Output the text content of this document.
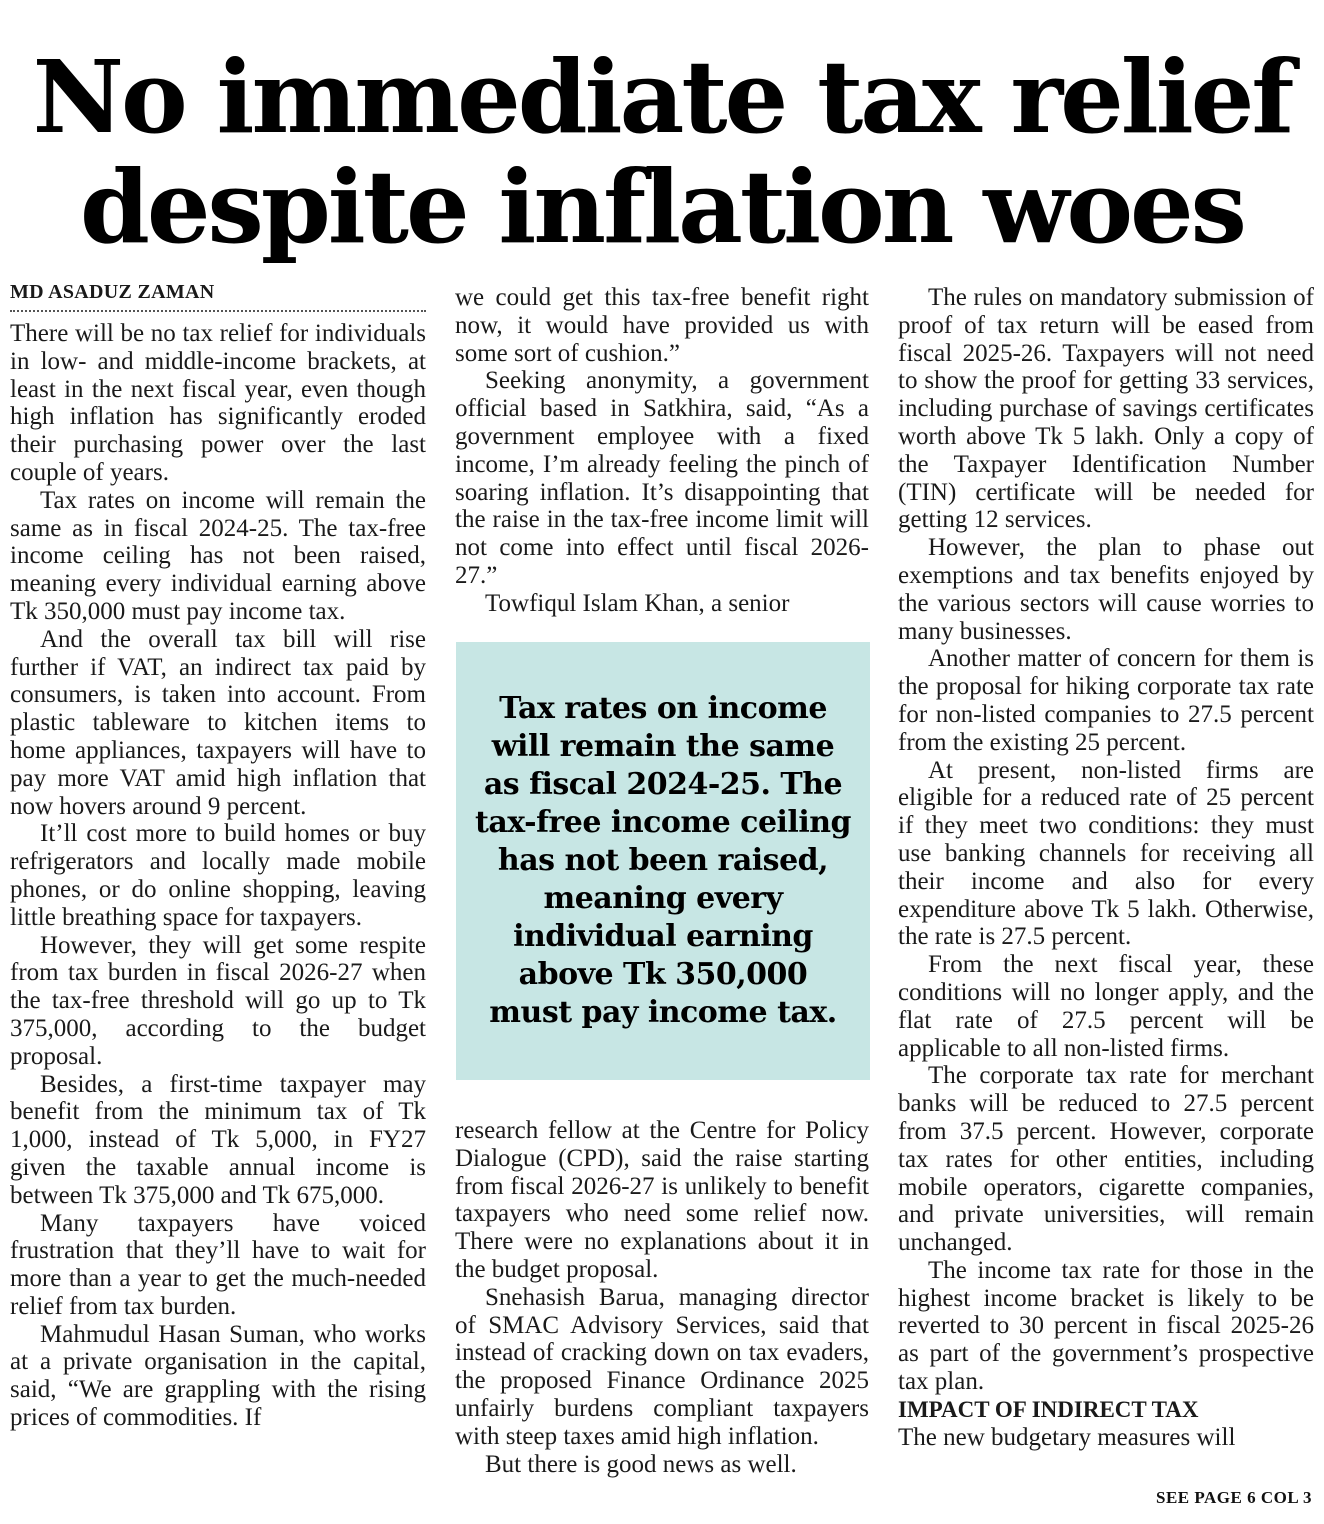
No immediate tax relief despite inflation woes
MD ASADUZ ZAMAN

There will be no tax relief for individuals in low- and middle-income brackets, at least in the next fiscal year, even though high inflation has significantly eroded their purchasing power over the last couple of years.

Tax rates on income will remain the same as in fiscal 2024-25. The tax-free income ceiling has not been raised, meaning every individual earning above Tk 350,000 must pay income tax.

And the overall tax bill will rise further if VAT, an indirect tax paid by consumers, is taken into account. From plastic tableware to kitchen items to home appliances, taxpayers will have to pay more VAT amid high inflation that now hovers around 9 percent.

It’ll cost more to build homes or buy refrigerators and locally made mobile phones, or do online shopping, leaving little breathing space for taxpayers.

However, they will get some respite from tax burden in fiscal 2026-27 when the tax-free threshold will go up to Tk 375,000, according to the budget proposal.

Besides, a first-time taxpayer may benefit from the minimum tax of Tk 1,000, instead of Tk 5,000, in FY27 given the taxable annual income is between Tk 375,000 and Tk 675,000.

Many taxpayers have voiced frustration that they’ll have to wait for more than a year to get the much-needed relief from tax burden.

Mahmudul Hasan Suman, who works at a private organisation in the capital, said, “We are grappling with the rising prices of commodities. If

we could get this tax-free benefit right now, it would have provided us with some sort of cushion.”

Seeking anonymity, a government official based in Satkhira, said, “As a government employee with a fixed income, I’m already feeling the pinch of soaring inflation. It’s disappointing that the raise in the tax-free income limit will not come into effect until fiscal 2026-27.”

Towfiqul Islam Khan, a senior

Tax rates on income will remain the same as fiscal 2024-25. The tax-free income ceiling has not been raised, meaning every individual earning above Tk 350,000 must pay income tax.

research fellow at the Centre for Policy Dialogue (CPD), said the raise starting from fiscal 2026-27 is unlikely to benefit taxpayers who need some relief now. There were no explanations about it in the budget proposal.

Snehasish Barua, managing director of SMAC Advisory Services, said that instead of cracking down on tax evaders, the proposed Finance Ordinance 2025 unfairly burdens compliant taxpayers with steep taxes amid high inflation.

But there is good news as well.

The rules on mandatory submission of proof of tax return will be eased from fiscal 2025-26. Taxpayers will not need to show the proof for getting 33 services, including purchase of savings certificates worth above Tk 5 lakh. Only a copy of the Taxpayer Identification Number (TIN) certificate will be needed for getting 12 services.

However, the plan to phase out exemptions and tax benefits enjoyed by the various sectors will cause worries to many businesses.

Another matter of concern for them is the proposal for hiking corporate tax rate for non-listed companies to 27.5 percent from the existing 25 percent.

At present, non-listed firms are eligible for a reduced rate of 25 percent if they meet two conditions: they must use banking channels for receiving all their income and also for every expenditure above Tk 5 lakh. Otherwise, the rate is 27.5 percent.

From the next fiscal year, these conditions will no longer apply, and the flat rate of 27.5 percent will be applicable to all non-listed firms.

The corporate tax rate for merchant banks will be reduced to 27.5 percent from 37.5 percent. However, corporate tax rates for other entities, including mobile operators, cigarette companies, and private universities, will remain unchanged.

The income tax rate for those in the highest income bracket is likely to be reverted to 30 percent in fiscal 2025-26 as part of the government’s prospective tax plan.

IMPACT OF INDIRECT TAX

The new budgetary measures will

SEE PAGE 6 COL 3
